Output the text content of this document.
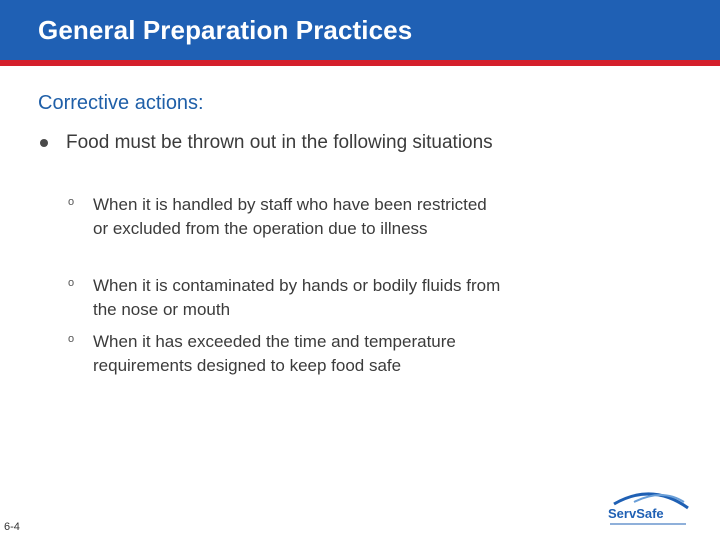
General Preparation Practices
Corrective actions:
Food must be thrown out in the following situations
o When it is handled by staff who have been restricted or excluded from the operation due to illness
o When it is contaminated by hands or bodily fluids from the nose or mouth
o When it has exceeded the time and temperature requirements designed to keep food safe
6-4
ServSafe
